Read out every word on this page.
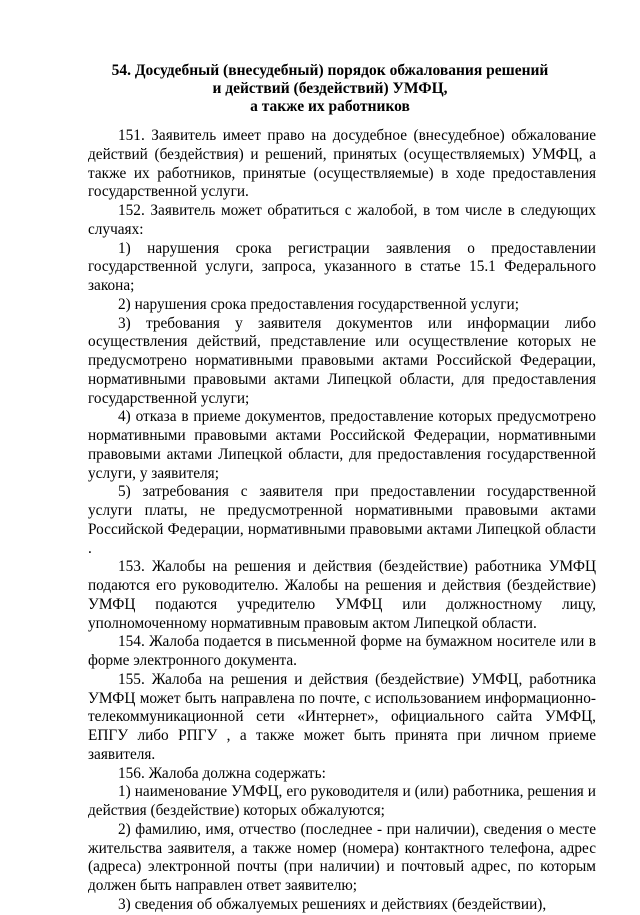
54. Досудебный (внесудебный) порядок обжалования решений
и действий (бездействий) УМФЦ,
а также их работников

151. Заявитель имеет право на досудебное (внесудебное) обжалование действий (бездействия) и решений, принятых (осуществляемых) УМФЦ, а также их работников, принятые (осуществляемые) в ходе предоставления государственной услуги.

152. Заявитель может обратиться с жалобой, в том числе в следующих случаях:

1) нарушения срока регистрации заявления о предоставлении государственной услуги, запроса, указанного в статье 15.1 Федерального закона;

2) нарушения срока предоставления государственной услуги;

3) требования у заявителя документов или информации либо осуществления действий, представление или осуществление которых не предусмотрено нормативными правовыми актами Российской Федерации, нормативными правовыми актами Липецкой области, для предоставления государственной услуги;

4) отказа в приеме документов, предоставление которых предусмотрено нормативными правовыми актами Российской Федерации, нормативными правовыми актами Липецкой области, для предоставления государственной услуги, у заявителя;

5) затребования с заявителя при предоставлении государственной услуги платы, не предусмотренной нормативными правовыми актами Российской Федерации, нормативными правовыми актами Липецкой области .

153. Жалобы на решения и действия (бездействие) работника УМФЦ подаются его руководителю. Жалобы на решения и действия (бездействие) УМФЦ подаются учредителю УМФЦ или должностному лицу, уполномоченному нормативным правовым актом Липецкой области.

154. Жалоба подается в письменной форме на бумажном носителе или в форме электронного документа.

155. Жалоба на решения и действия (бездействие) УМФЦ, работника УМФЦ может быть направлена по почте, с использованием информационно-телекоммуникационной сети «Интернет», официального сайта УМФЦ, ЕПГУ либо РПГУ , а также может быть принята при личном приеме заявителя.

156. Жалоба должна содержать:

1) наименование УМФЦ, его руководителя и (или) работника, решения и действия (бездействие) которых обжалуются;

2) фамилию, имя, отчество (последнее - при наличии), сведения о месте жительства заявителя, а также номер (номера) контактного телефона, адрес (адреса) электронной почты (при наличии) и почтовый адрес, по которым должен быть направлен ответ заявителю;

3) сведения об обжалуемых решениях и действиях (бездействии),
